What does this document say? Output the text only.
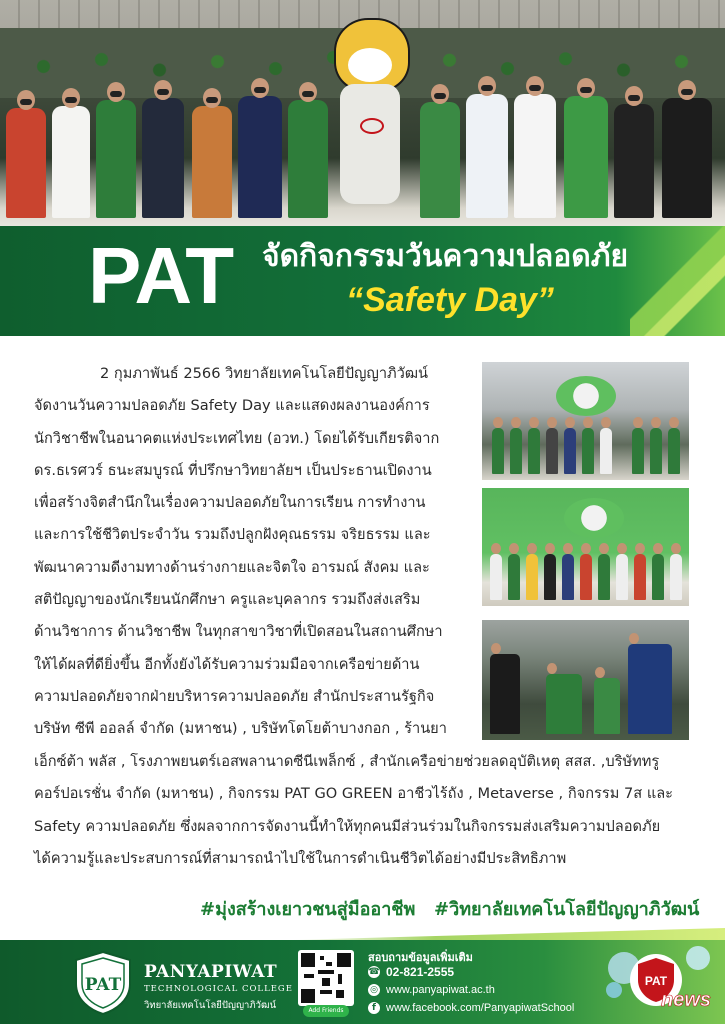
PAT จัดกิจกรรมวันความปลอดภัย
“Safety Day”
2 กุมภาพันธ์ 2566 วิทยาลัยเทคโนโลยีปัญญาภิวัฒน์
จัดงานวันความปลอดภัย Safety Day และแสดงผลงานองค์การ
นักวิชาชีพในอนาคตแห่งประเทศไทย (อวท.) โดยได้รับเกียรติจาก
ดร.ธเรศวร์ ธนะสมบูรณ์ ที่ปรึกษาวิทยาลัยฯ เป็นประธานเปิดงาน
เพื่อสร้างจิตสำนึกในเรื่องความปลอดภัยในการเรียน การทำงาน
และการใช้ชีวิตประจำวัน รวมถึงปลูกฝังคุณธรรม จริยธรรม และ
พัฒนาความดีงามทางด้านร่างกายและจิตใจ อารมณ์ สังคม และ
สติปัญญาของนักเรียนนักศึกษา ครูและบุคลากร รวมถึงส่งเสริม
ด้านวิชาการ ด้านวิชาชีพ ในทุกสาขาวิชาที่เปิดสอนในสถานศึกษา
ให้ได้ผลที่ดียิ่งขึ้น อีกทั้งยังได้รับความร่วมมือจากเครือข่ายด้าน
ความปลอดภัยจากฝ่ายบริหารความปลอดภัย สำนักประสานรัฐกิจ
บริษัท ซีพี ออลล์ จำกัด (มหาชน) , บริษัทโตโยต้าบางกอก , ร้านยา
เอ็กซ์ต้า พลัส , โรงภาพยนตร์เอสพลานาดซีนีเพล็กซ์ , สำนักเครือข่ายช่วยลดอุบัติเหตุ สสส. ,บริษัททรู
คอร์ปอเรชั่น จำกัด (มหาชน) , กิจกรรม PAT GO GREEN อาชีวไร้ถัง , Metaverse , กิจกรรม 7ส และ
Safety ความปลอดภัย ซึ่งผลจากการจัดงานนี้ทำให้ทุกคนมีส่วนร่วมในกิจกรรมส่งเสริมความปลอดภัย
ได้ความรู้และประสบการณ์ที่สามารถนำไปใช้ในการดำเนินชีวิตได้อย่างมีประสิทธิภาพ
#มุ่งสร้างเยาวชนสู่มืออาชีพ #วิทยาลัยเทคโนโลยีปัญญาภิวัฒน์
PAT
PANYAPIWAT
TECHNOLOGICAL COLLEGE
วิทยาลัยเทคโนโลยีปัญญาภิวัฒน์	Add Friends
สอบถามข้อมูลเพิ่มเติม
☎ 02-821-2555
◎ www.panyapiwat.ac.th
f www.facebook.com/PanyapiwatSchool
PAT
news
